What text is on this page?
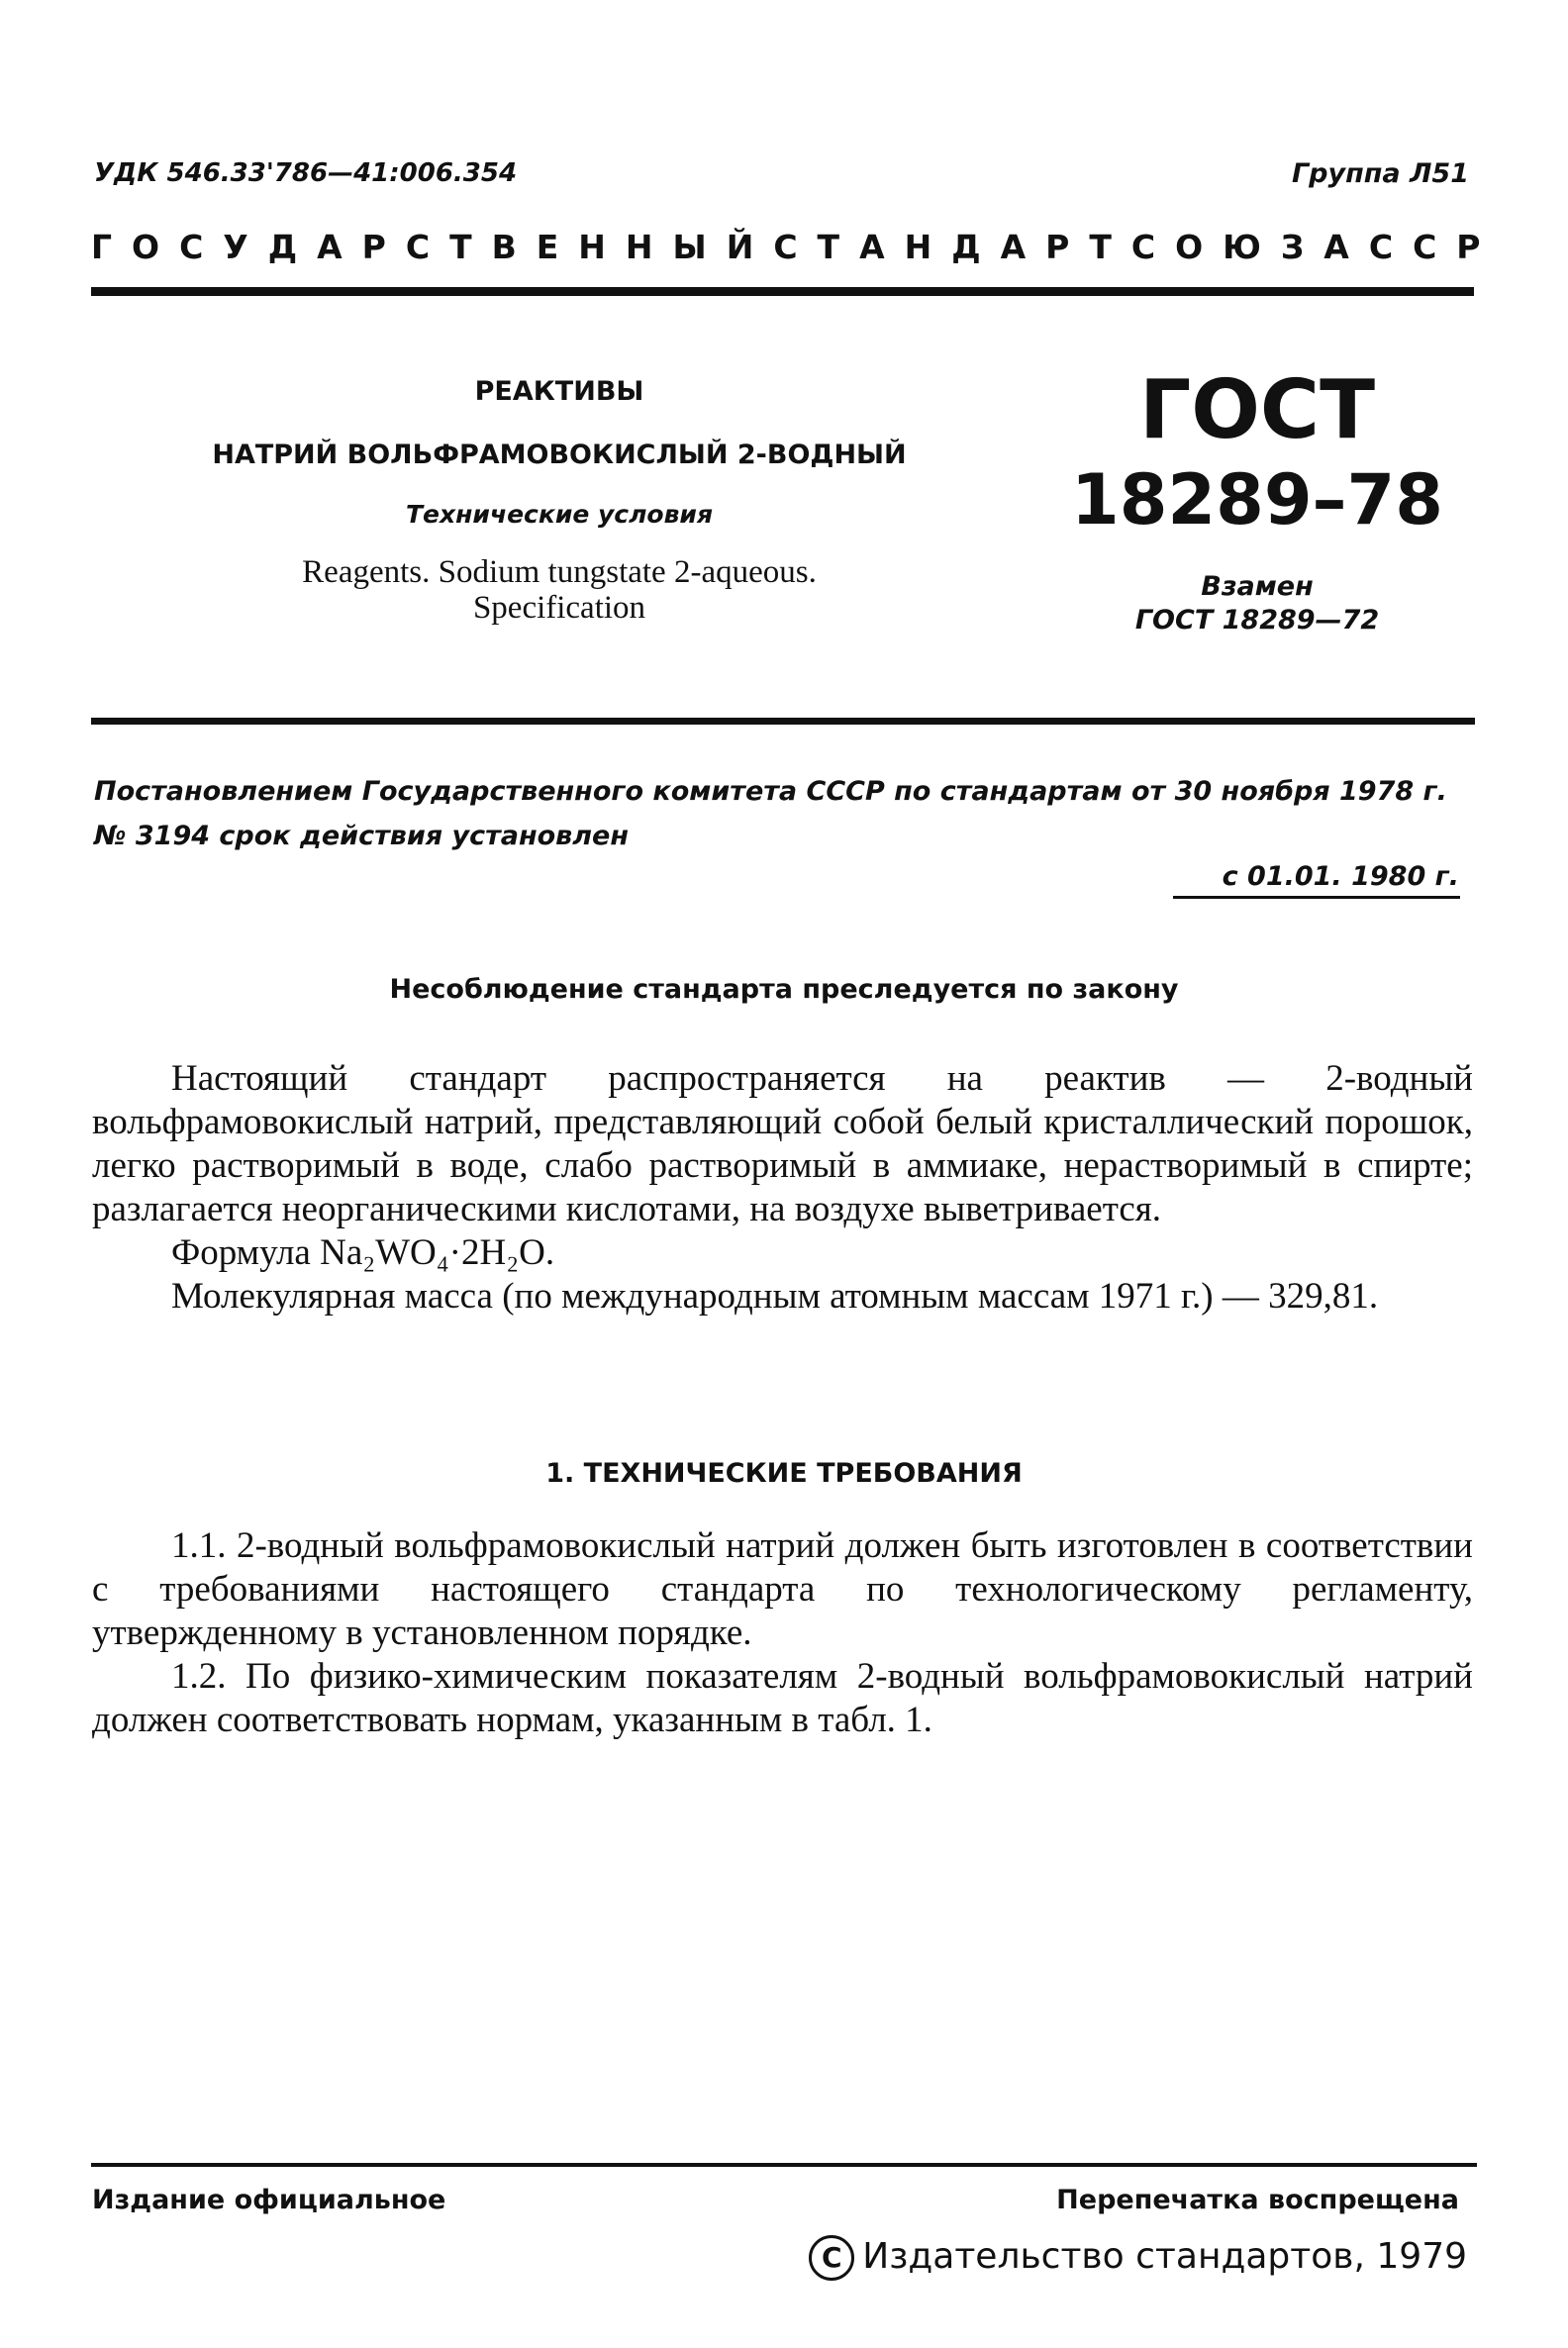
УДК 546.33'786—41:006.354	Группа Л51
ГОСУДАРСТВЕННЫЙ СТАНДАРТ СОЮЗА ССР
РЕАКТИВЫ
НАТРИЙ ВОЛЬФРАМОВОКИСЛЫЙ 2-ВОДНЫЙ
Технические условия
Reagents. Sodium tungstate 2-aqueous.
Specification
ГОСТ
18289–78
Взамен
ГОСТ 18289—72
Постановлением Государственного комитета СССР по стандартам от 30 ноября 1978 г. № 3194 срок действия установлен
с 01.01. 1980 г.
Несоблюдение стандарта преследуется по закону

Настоящий стандарт распространяется на реактив — 2-водный вольфрамовокислый натрий, представляющий собой белый кристаллический порошок, легко растворимый в воде, слабо растворимый в аммиаке, нерастворимый в спирте; разлагается неорганическими кислотами, на воздухе выветривается.

Формула Na₂WO₄·2H₂O.

Молекулярная масса (по международным атомным массам 1971 г.) — 329,81.

1. ТЕХНИЧЕСКИЕ ТРЕБОВАНИЯ

1.1. 2-водный вольфрамовокислый натрий должен быть изготовлен в соответствии с требованиями настоящего стандарта по технологическому регламенту, утвержденному в установленном порядке.

1.2. По физико-химическим показателям 2-водный вольфрамовокислый натрий должен соответствовать нормам, указанным в табл. 1.

Издание официальное	Перепечатка воспрещена
C Издательство стандартов, 1979
